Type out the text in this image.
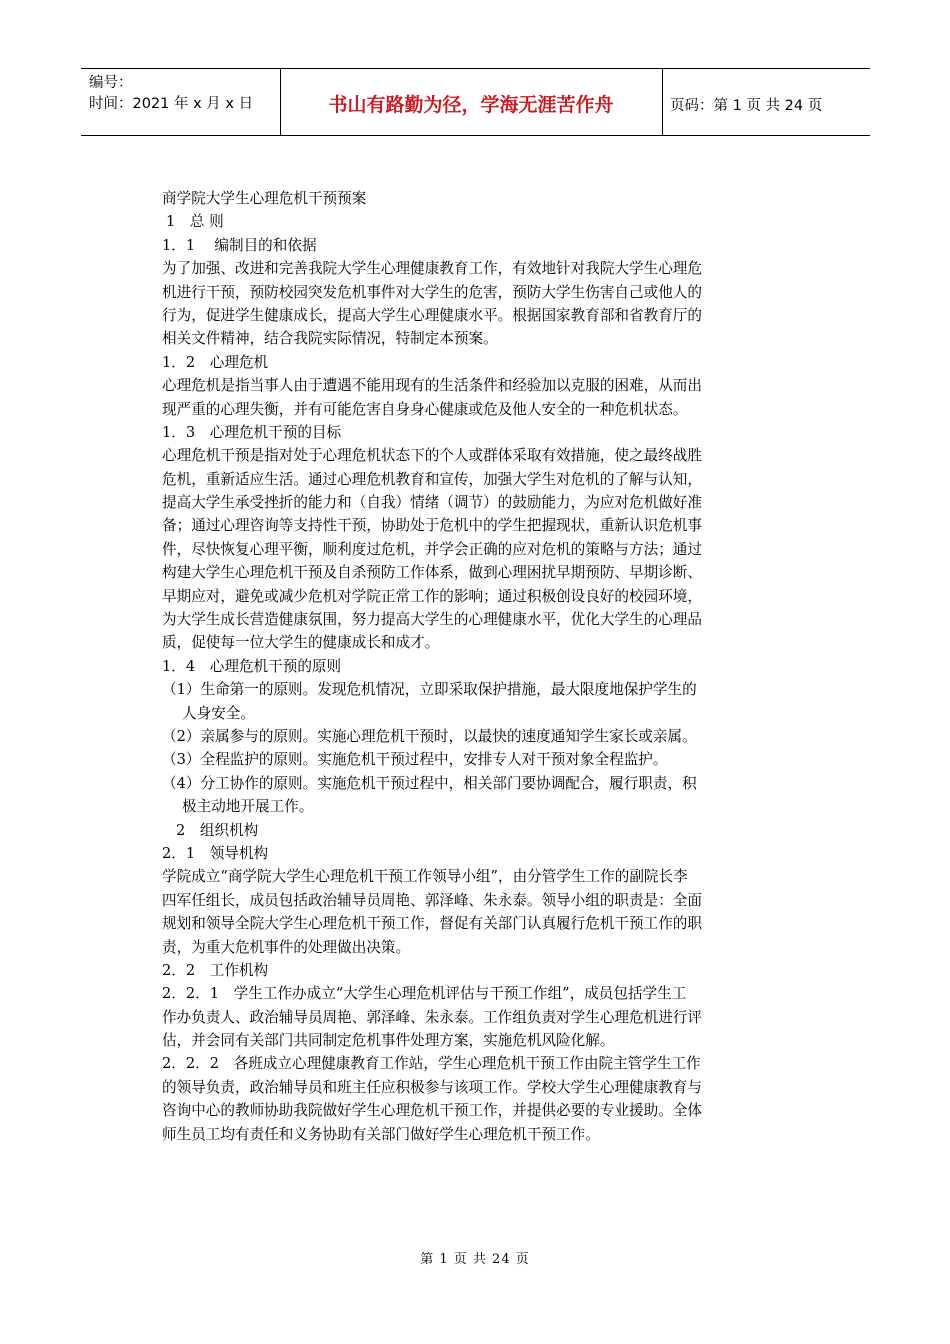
编号：
时间：2021 年 x 月 x 日	书山有路勤为径，学海无涯苦作舟	页码：第 1 页 共 24 页
商学院大学生心理危机干预预案
1　总 则
1．1　 编制目的和依据
为了加强、改进和完善我院大学生心理健康教育工作，有效地针对我院大学生心理危
机进行干预，预防校园突发危机事件对大学生的危害，预防大学生伤害自己或他人的
行为，促进学生健康成长，提高大学生心理健康水平。根据国家教育部和省教育厅的
相关文件精神，结合我院实际情况，特制定本预案。
1．2　心理危机
心理危机是指当事人由于遭遇不能用现有的生活条件和经验加以克服的困难，从而出
现严重的心理失衡，并有可能危害自身身心健康或危及他人安全的一种危机状态。
1．3　心理危机干预的目标
心理危机干预是指对处于心理危机状态下的个人或群体采取有效措施，使之最终战胜
危机，重新适应生活。通过心理危机教育和宣传，加强大学生对危机的了解与认知，
提高大学生承受挫折的能力和（自我）情绪（调节）的鼓励能力，为应对危机做好准
备；通过心理咨询等支持性干预，协助处于危机中的学生把握现状，重新认识危机事
件，尽快恢复心理平衡，顺利度过危机，并学会正确的应对危机的策略与方法；通过
构建大学生心理危机干预及自杀预防工作体系，做到心理困扰早期预防、早期诊断、
早期应对，避免或减少危机对学院正常工作的影响；通过积极创设良好的校园环境，
为大学生成长营造健康氛围，努力提高大学生的心理健康水平，优化大学生的心理品
质，促使每一位大学生的健康成长和成才。
1．4　心理危机干预的原则
（1）生命第一的原则。发现危机情况，立即采取保护措施，最大限度地保护学生的
人身安全。
（2）亲属参与的原则。实施心理危机干预时，以最快的速度通知学生家长或亲属。
（3）全程监护的原则。实施危机干预过程中，安排专人对干预对象全程监护。
（4）分工协作的原则。实施危机干预过程中，相关部门要协调配合，履行职责，积
极主动地开展工作。
2　组织机构
2．1　领导机构
学院成立“商学院大学生心理危机干预工作领导小组”，由分管学生工作的副院长李
四军任组长，成员包括政治辅导员周艳、郭泽峰、朱永泰。领导小组的职责是：全面
规划和领导全院大学生心理危机干预工作，督促有关部门认真履行危机干预工作的职
责，为重大危机事件的处理做出决策。
2．2　工作机构
2．2．1　学生工作办成立“大学生心理危机评估与干预工作组”，成员包括学生工
作办负责人、政治辅导员周艳、郭泽峰、朱永泰。工作组负责对学生心理危机进行评
估，并会同有关部门共同制定危机事件处理方案，实施危机风险化解。
2．2．2　各班成立心理健康教育工作站，学生心理危机干预工作由院主管学生工作
的领导负责，政治辅导员和班主任应积极参与该项工作。学校大学生心理健康教育与
咨询中心的教师协助我院做好学生心理危机干预工作，并提供必要的专业援助。全体
师生员工均有责任和义务协助有关部门做好学生心理危机干预工作。
第 1 页 共 24 页
